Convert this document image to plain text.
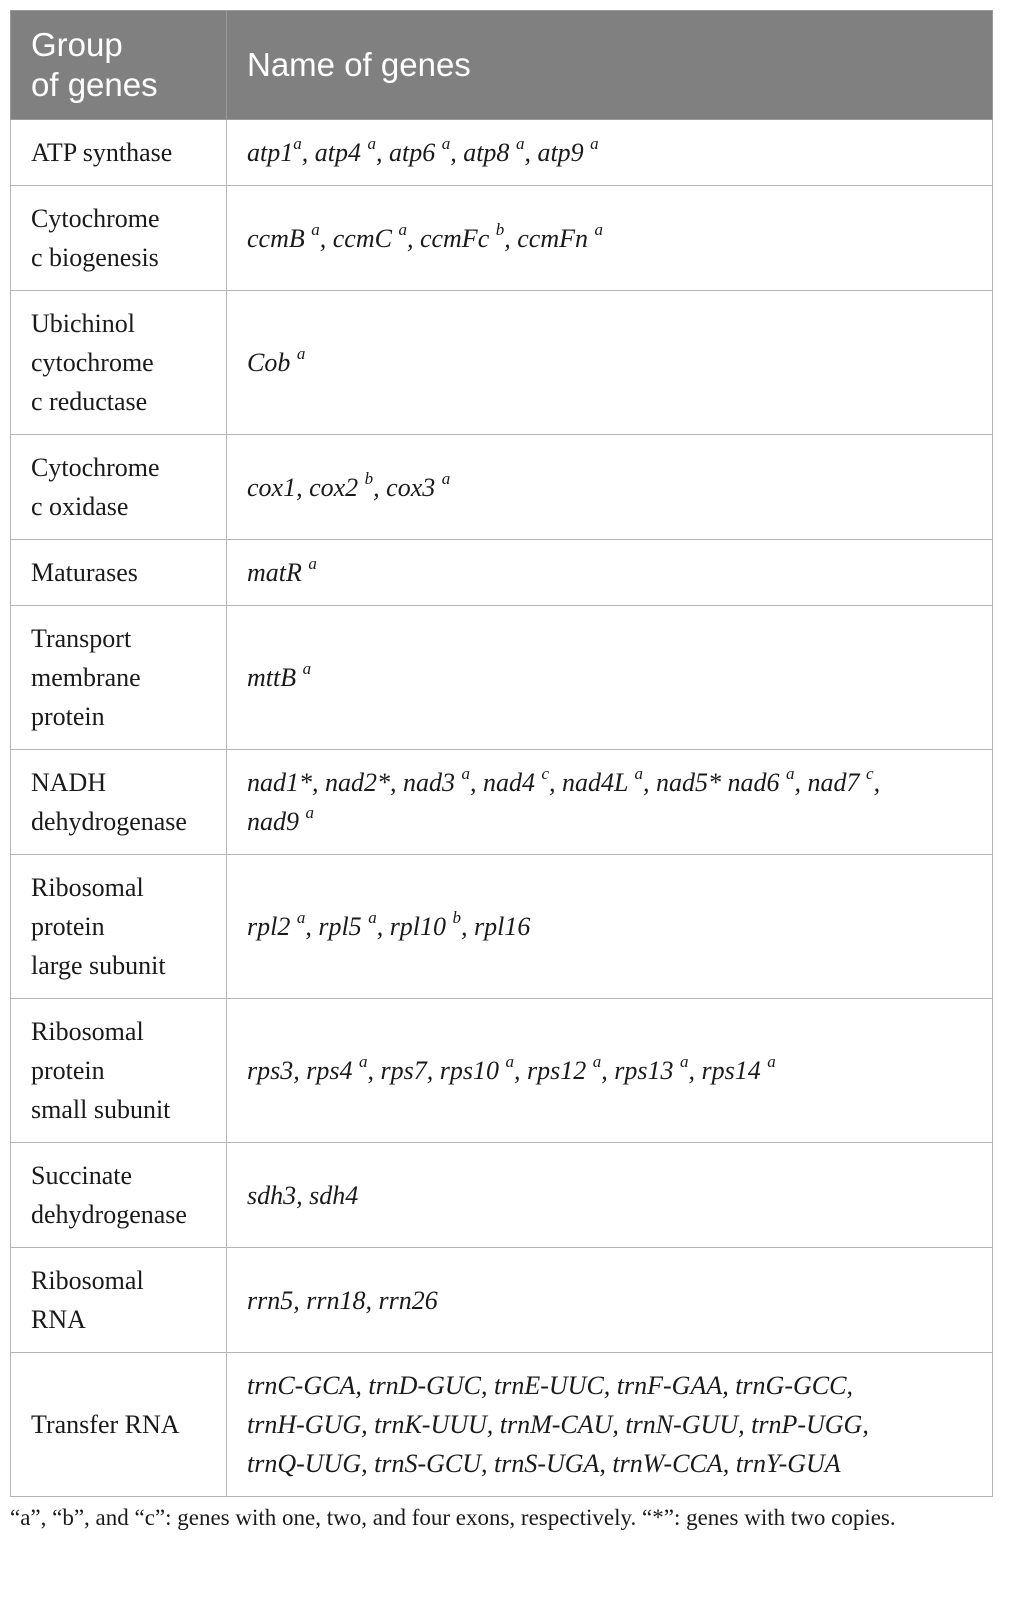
Group
of genes	Name of genes
ATP synthase	atp1$^a$, atp4 $^a$, atp6 $^a$, atp8 $^a$, atp9 $^a$
Cytochrome
c biogenesis	ccmB $^a$, ccmC $^a$, ccmFc $^b$, ccmFn $^a$
Ubichinol
cytochrome
c reductase	Cob $^a$
Cytochrome
c oxidase	cox1, cox2 $^b$, cox3 $^a$
Maturases	matR $^a$
Transport
membrane
protein	mttB $^a$
NADH
dehydrogenase	nad1*, nad2*, nad3 $^a$, nad4 $^c$, nad4L $^a$, nad5* nad6 $^a$, nad7 $^c$,
nad9 $^a$
Ribosomal
protein
large subunit	rpl2 $^a$, rpl5 $^a$, rpl10 $^b$, rpl16
Ribosomal
protein
small subunit	rps3, rps4 $^a$, rps7, rps10 $^a$, rps12 $^a$, rps13 $^a$, rps14 $^a$
Succinate
dehydrogenase	sdh3, sdh4
Ribosomal
RNA	rrn5, rrn18, rrn26
Transfer RNA	trnC-GCA, trnD-GUC, trnE-UUC, trnF-GAA, trnG-GCC,
trnH-GUG, trnK-UUU, trnM-CAU, trnN-GUU, trnP-UGG,
trnQ-UUG, trnS-GCU, trnS-UGA, trnW-CCA, trnY-GUA
“a”, “b”, and “c”: genes with one, two, and four exons, respectively. “*”: genes with two copies.
